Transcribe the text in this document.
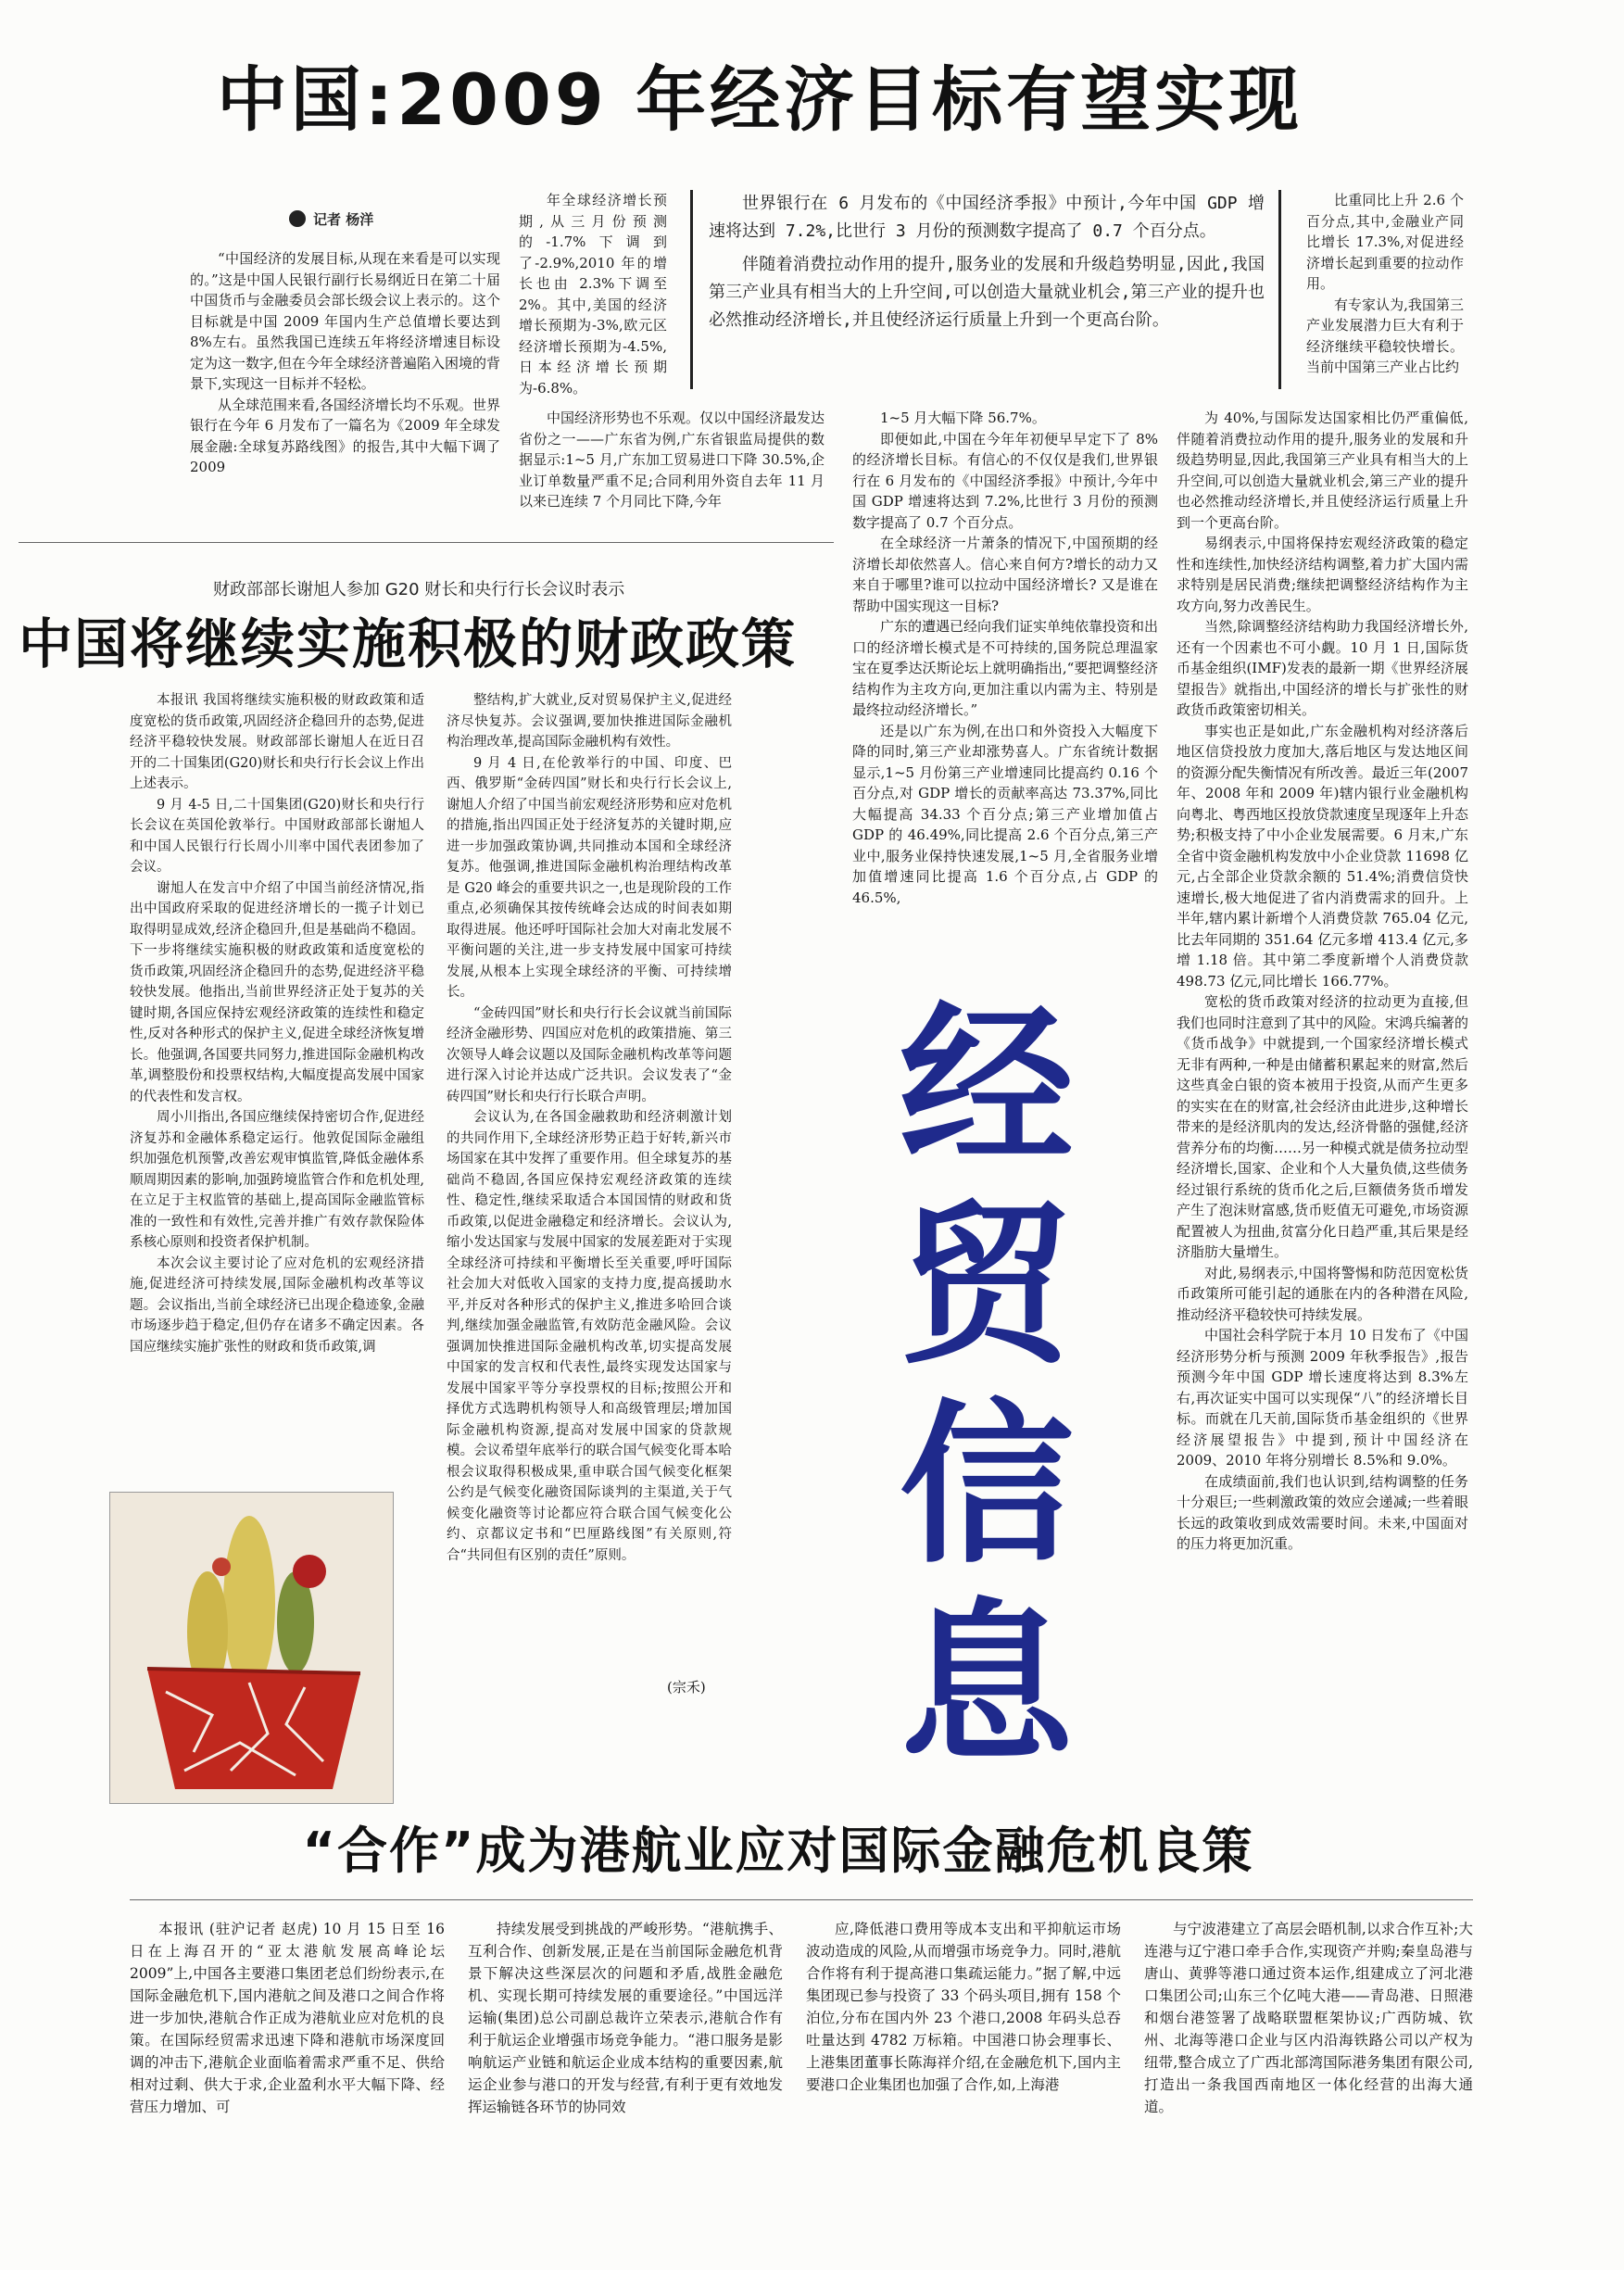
中国:2009 年经济目标有望实现
记者 杨洋

“中国经济的发展目标,从现在来看是可以实现的。”这是中国人民银行副行长易纲近日在第二十届中国货币与金融委员会部长级会议上表示的。这个目标就是中国 2009 年国内生产总值增长要达到 8%左右。虽然我国已连续五年将经济增速目标设定为这一数字,但在今年全球经济普遍陷入困境的背景下,实现这一目标并不轻松。

从全球范围来看,各国经济增长均不乐观。世界银行在今年 6 月发布了一篇名为《2009 年全球发展金融:全球复苏路线图》的报告,其中大幅下调了 2009

年全球经济增长预期,从三月份预测的-1.7%下调到了-2.9%,2010 年的增长也由 2.3%下调至 2%。其中,美国的经济增长预期为-3%,欧元区经济增长预期为-4.5%,日本经济增长预期为-6.8%。

中国经济形势也不乐观。仅以中国经济最发达省份之一——广东省为例,广东省银监局提供的数据显示:1~5 月,广东加工贸易进口下降 30.5%,企业订单数量严重不足;合同利用外资自去年 11 月以来已连续 7 个月同比下降,今年

世界银行在 6 月发布的《中国经济季报》中预计,今年中国 GDP 增速将达到 7.2%,比世行 3 月份的预测数字提高了 0.7 个百分点。

伴随着消费拉动作用的提升,服务业的发展和升级趋势明显,因此,我国第三产业具有相当大的上升空间,可以创造大量就业机会,第三产业的提升也必然推动经济增长,并且使经济运行质量上升到一个更高台阶。

1~5 月大幅下降 56.7%。

即便如此,中国在今年年初便早早定下了 8%的经济增长目标。有信心的不仅仅是我们,世界银行在 6 月发布的《中国经济季报》中预计,今年中国 GDP 增速将达到 7.2%,比世行 3 月份的预测数字提高了 0.7 个百分点。

在全球经济一片萧条的情况下,中国预期的经济增长却依然喜人。信心来自何方?增长的动力又来自于哪里?谁可以拉动中国经济增长? 又是谁在帮助中国实现这一目标?

广东的遭遇已经向我们证实单纯依靠投资和出口的经济增长模式是不可持续的,国务院总理温家宝在夏季达沃斯论坛上就明确指出,“要把调整经济结构作为主攻方向,更加注重以内需为主、特别是最终拉动经济增长。”

还是以广东为例,在出口和外资投入大幅度下降的同时,第三产业却涨势喜人。广东省统计数据显示,1~5 月份第三产业增速同比提高约 0.16 个百分点,对 GDP 增长的贡献率高达 73.37%,同比大幅提高 34.33 个百分点;第三产业增加值占 GDP 的 46.49%,同比提高 2.6 个百分点,第三产业中,服务业保持快速发展,1~5 月,全省服务业增加值增速同比提高 1.6 个百分点,占 GDP 的 46.5%,

比重同比上升 2.6 个百分点,其中,金融业产同比增长 17.3%,对促进经济增长起到重要的拉动作用。

有专家认为,我国第三产业发展潜力巨大有利于经济继续平稳较快增长。当前中国第三产业占比约

为 40%,与国际发达国家相比仍严重偏低,伴随着消费拉动作用的提升,服务业的发展和升级趋势明显,因此,我国第三产业具有相当大的上升空间,可以创造大量就业机会,第三产业的提升也必然推动经济增长,并且使经济运行质量上升到一个更高台阶。

易纲表示,中国将保持宏观经济政策的稳定性和连续性,加快经济结构调整,着力扩大国内需求特别是居民消费;继续把调整经济结构作为主攻方向,努力改善民生。

当然,除调整经济结构助力我国经济增长外,还有一个因素也不可小觑。10 月 1 日,国际货币基金组织(IMF)发表的最新一期《世界经济展望报告》就指出,中国经济的增长与扩张性的财政货币政策密切相关。

事实也正是如此,广东金融机构对经济落后地区信贷投放力度加大,落后地区与发达地区间的资源分配失衡情况有所改善。最近三年(2007 年、2008 年和 2009 年)辖内银行业金融机构向粤北、粤西地区投放贷款速度呈现逐年上升态势;积极支持了中小企业发展需要。6 月末,广东全省中资金融机构发放中小企业贷款 11698 亿元,占全部企业贷款余额的 51.4%;消费信贷快速增长,极大地促进了省内消费需求的回升。上半年,辖内累计新增个人消费贷款 765.04 亿元,比去年同期的 351.64 亿元多增 413.4 亿元,多增 1.18 倍。其中第二季度新增个人消费贷款 498.73 亿元,同比增长 166.77%。

宽松的货币政策对经济的拉动更为直接,但我们也同时注意到了其中的风险。宋鸿兵编著的《货币战争》中就提到,一个国家经济增长模式无非有两种,一种是由储蓄积累起来的财富,然后这些真金白银的资本被用于投资,从而产生更多的实实在在的财富,社会经济由此进步,这种增长带来的是经济肌肉的发达,经济骨骼的强健,经济营养分布的均衡……另一种模式就是债务拉动型经济增长,国家、企业和个人大量负债,这些债务经过银行系统的货币化之后,巨额债务货币增发产生了泡沫财富感,货币贬值无可避免,市场资源配置被人为扭曲,贫富分化日趋严重,其后果是经济脂肪大量增生。

对此,易纲表示,中国将警惕和防范因宽松货币政策所可能引起的通胀在内的各种潜在风险,推动经济平稳较快可持续发展。

中国社会科学院于本月 10 日发布了《中国经济形势分析与预测 2009 年秋季报告》,报告预测今年中国 GDP 增长速度将达到 8.3%左右,再次证实中国可以实现保“八”的经济增长目标。而就在几天前,国际货币基金组织的《世界经济展望报告》中提到,预计中国经济在 2009、2010 年将分别增长 8.5%和 9.0%。

在成绩面前,我们也认识到,结构调整的任务十分艰巨;一些刺激政策的效应会递减;一些着眼长远的政策收到成效需要时间。未来,中国面对的压力将更加沉重。

财政部部长谢旭人参加 G20 财长和央行行长会议时表示
中国将继续实施积极的财政政策

本报讯 我国将继续实施积极的财政政策和适度宽松的货币政策,巩固经济企稳回升的态势,促进经济平稳较快发展。财政部部长谢旭人在近日召开的二十国集团(G20)财长和央行行长会议上作出上述表示。

9 月 4-5 日,二十国集团(G20)财长和央行行长会议在英国伦敦举行。中国财政部部长谢旭人和中国人民银行行长周小川率中国代表团参加了会议。

谢旭人在发言中介绍了中国当前经济情况,指出中国政府采取的促进经济增长的一揽子计划已取得明显成效,经济企稳回升,但是基础尚不稳固。下一步将继续实施积极的财政政策和适度宽松的货币政策,巩固经济企稳回升的态势,促进经济平稳较快发展。他指出,当前世界经济正处于复苏的关键时期,各国应保持宏观经济政策的连续性和稳定性,反对各种形式的保护主义,促进全球经济恢复增长。他强调,各国要共同努力,推进国际金融机构改革,调整股份和投票权结构,大幅度提高发展中国家的代表性和发言权。

周小川指出,各国应继续保持密切合作,促进经济复苏和金融体系稳定运行。他敦促国际金融组织加强危机预警,改善宏观审慎监管,降低金融体系顺周期因素的影响,加强跨境监管合作和危机处理,在立足于主权监管的基础上,提高国际金融监管标准的一致性和有效性,完善并推广有效存款保险体系核心原则和投资者保护机制。

本次会议主要讨论了应对危机的宏观经济措施,促进经济可持续发展,国际金融机构改革等议题。会议指出,当前全球经济已出现企稳迹象,金融市场逐步趋于稳定,但仍存在诸多不确定因素。各国应继续实施扩张性的财政和货币政策,调

整结构,扩大就业,反对贸易保护主义,促进经济尽快复苏。会议强调,要加快推进国际金融机构治理改革,提高国际金融机构有效性。

9 月 4 日,在伦敦举行的中国、印度、巴西、俄罗斯“金砖四国”财长和央行行长会议上,谢旭人介绍了中国当前宏观经济形势和应对危机的措施,指出四国正处于经济复苏的关键时期,应进一步加强政策协调,共同推动本国和全球经济复苏。他强调,推进国际金融机构治理结构改革是 G20 峰会的重要共识之一,也是现阶段的工作重点,必须确保其按传统峰会达成的时间表如期取得进展。他还呼吁国际社会加大对南北发展不平衡问题的关注,进一步支持发展中国家可持续发展,从根本上实现全球经济的平衡、可持续增长。

“金砖四国”财长和央行行长会议就当前国际经济金融形势、四国应对危机的政策措施、第三次领导人峰会议题以及国际金融机构改革等问题进行深入讨论并达成广泛共识。会议发表了“金砖四国”财长和央行行长联合声明。

会议认为,在各国金融救助和经济刺激计划的共同作用下,全球经济形势正趋于好转,新兴市场国家在其中发挥了重要作用。但全球复苏的基础尚不稳固,各国应保持宏观经济政策的连续性、稳定性,继续采取适合本国国情的财政和货币政策,以促进金融稳定和经济增长。会议认为,缩小发达国家与发展中国家的发展差距对于实现全球经济可持续和平衡增长至关重要,呼吁国际社会加大对低收入国家的支持力度,提高援助水平,并反对各种形式的保护主义,推进多哈回合谈判,继续加强金融监管,有效防范金融风险。会议强调加快推进国际金融机构改革,切实提高发展中国家的发言权和代表性,最终实现发达国家与发展中国家平等分享投票权的目标;按照公开和择优方式选聘机构领导人和高级管理层;增加国际金融机构资源,提高对发展中国家的贷款规模。会议希望年底举行的联合国气候变化哥本哈根会议取得积极成果,重申联合国气候变化框架公约是气候变化融资国际谈判的主渠道,关于气候变化融资等讨论都应符合联合国气候变化公约、京都议定书和“巴厘路线图”有关原则,符合“共同但有区别的责任”原则。

(宗禾)
经
贸
信
息
“合作”成为港航业应对国际金融危机良策

本报讯 (驻沪记者 赵虎) 10 月 15 日至 16 日在上海召开的“亚太港航发展高峰论坛 2009”上,中国各主要港口集团老总们纷纷表示,在国际金融危机下,国内港航之间及港口之间合作将进一步加快,港航合作正成为港航业应对危机的良策。在国际经贸需求迅速下降和港航市场深度回调的冲击下,港航企业面临着需求严重不足、供给相对过剩、供大于求,企业盈利水平大幅下降、经营压力增加、可

持续发展受到挑战的严峻形势。“港航携手、互利合作、创新发展,正是在当前国际金融危机背景下解决这些深层次的问题和矛盾,战胜金融危机、实现长期可持续发展的重要途径。”中国远洋运输(集团)总公司副总裁许立荣表示,港航合作有利于航运企业增强市场竞争能力。“港口服务是影响航运产业链和航运企业成本结构的重要因素,航运企业参与港口的开发与经营,有利于更有效地发挥运输链各环节的协同效

应,降低港口费用等成本支出和平抑航运市场波动造成的风险,从而增强市场竞争力。同时,港航合作将有利于提高港口集疏运能力。”据了解,中远集团现已参与投资了 33 个码头项目,拥有 158 个泊位,分布在国内外 23 个港口,2008 年码头总吞吐量达到 4782 万标箱。中国港口协会理事长、上港集团董事长陈海祥介绍,在金融危机下,国内主要港口企业集团也加强了合作,如,上海港

与宁波港建立了高层会晤机制,以求合作互补;大连港与辽宁港口牵手合作,实现资产并购;秦皇岛港与唐山、黄骅等港口通过资本运作,组建成立了河北港口集团公司;山东三个亿吨大港——青岛港、日照港和烟台港签署了战略联盟框架协议;广西防城、钦州、北海等港口企业与区内沿海铁路公司以产权为纽带,整合成立了广西北部湾国际港务集团有限公司,打造出一条我国西南地区一体化经营的出海大通道。
